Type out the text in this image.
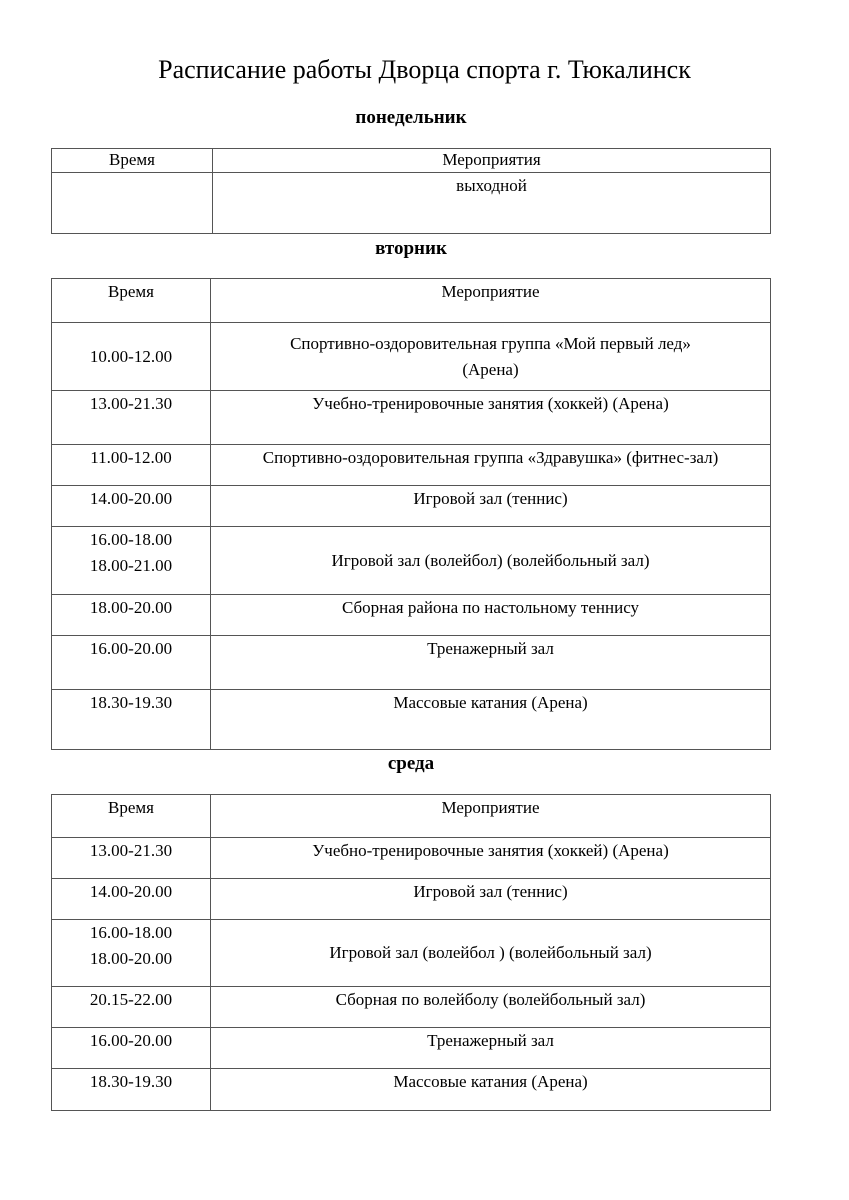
Расписание работы Дворца спорта г. Тюкалинск
понедельник
Время	Мероприятия
	выходной
вторник
Время	Мероприятие
10.00-12.00	Спортивно-оздоровительная группа «Мой первый лед»
(Арена)

13.00-21.30	Учебно-тренировочные занятия (хоккей) (Арена)
11.00-12.00	Спортивно-оздоровительная группа «Здравушка» (фитнес-зал)
14.00-20.00	Игровой зал (теннис)

16.00-18.00
18.00-21.00	Игровой зал (волейбол) (волейбольный зал)
18.00-20.00	Сборная района по настольному теннису
16.00-20.00	Тренажерный зал
18.30-19.30	Массовые катания (Арена)
среда
Время	Мероприятие
13.00-21.30	Учебно-тренировочные занятия (хоккей) (Арена)
14.00-20.00	Игровой зал (теннис)

16.00-18.00
18.00-20.00	Игровой зал (волейбол ) (волейбольный зал)
20.15-22.00	Сборная по волейболу (волейбольный зал)
16.00-20.00	Тренажерный зал
18.30-19.30	Массовые катания (Арена)
